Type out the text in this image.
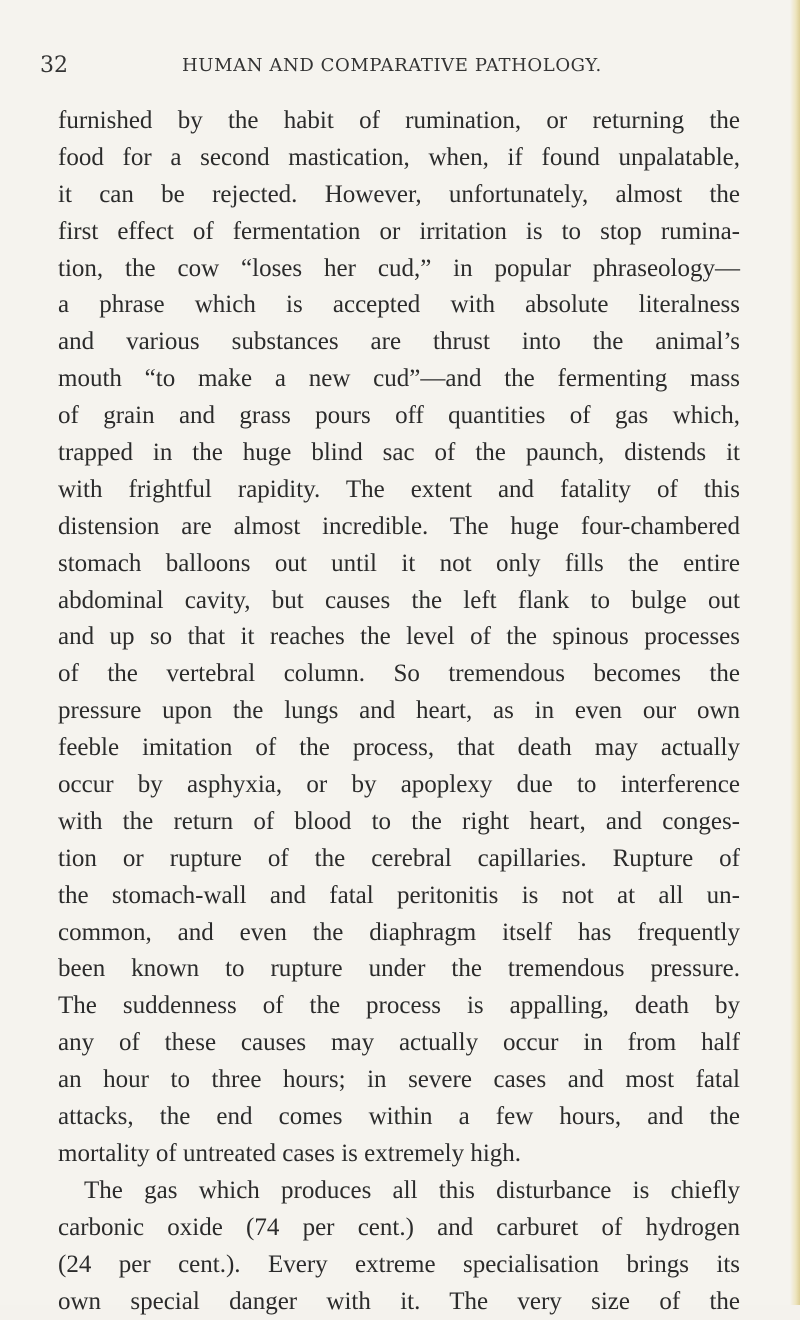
32	HUMAN AND COMPARATIVE PATHOLOGY.
furnished by the habit of rumination, or returning the
food for a second mastication, when, if found unpalatable,
it can be rejected. However, unfortunately, almost the
first effect of fermentation or irritation is to stop rumina-
tion, the cow “loses her cud,” in popular phraseology—
a phrase which is accepted with absolute literalness
and various substances are thrust into the animal’s
mouth “to make a new cud”—and the fermenting mass
of grain and grass pours off quantities of gas which,
trapped in the huge blind sac of the paunch, distends it
with frightful rapidity. The extent and fatality of this
distension are almost incredible. The huge four-chambered
stomach balloons out until it not only fills the entire
abdominal cavity, but causes the left flank to bulge out
and up so that it reaches the level of the spinous processes
of the vertebral column. So tremendous becomes the
pressure upon the lungs and heart, as in even our own
feeble imitation of the process, that death may actually
occur by asphyxia, or by apoplexy due to interference
with the return of blood to the right heart, and conges-
tion or rupture of the cerebral capillaries. Rupture of
the stomach-wall and fatal peritonitis is not at all un-
common, and even the diaphragm itself has frequently
been known to rupture under the tremendous pressure.
The suddenness of the process is appalling, death by
any of these causes may actually occur in from half
an hour to three hours; in severe cases and most fatal
attacks, the end comes within a few hours, and the
mortality of untreated cases is extremely high.
The gas which produces all this disturbance is chiefly
carbonic oxide (74 per cent.) and carburet of hydrogen
(24 per cent.). Every extreme specialisation brings its
own special danger with it. The very size of the
